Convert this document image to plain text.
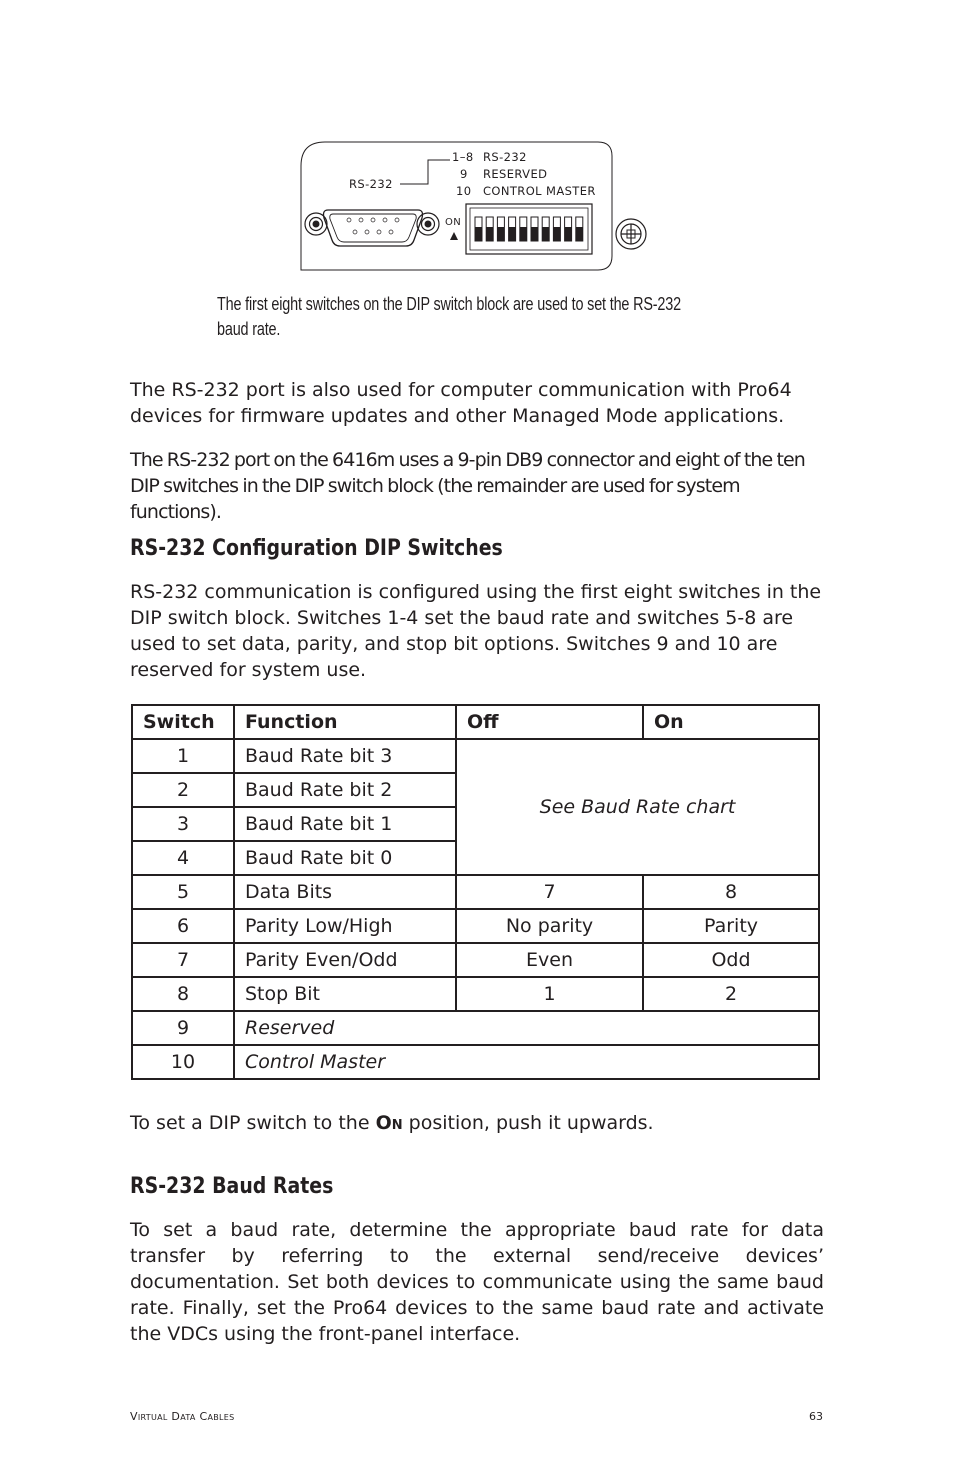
RS-232
1–8 RS-232
9 RESERVED
10 CONTROL MASTER
ON
The first eight switches on the DIP switch block are used to set the RS-232 baud rate.
The RS-232 port is also used for computer communication with Pro64 devices for firmware updates and other Managed Mode applications.
The RS-232 port on the 6416m uses a 9-pin DB9 connector and eight of the ten DIP switches in the DIP switch block (the remainder are used for system functions).
RS-232 Configuration DIP Switches
RS-232 communication is configured using the first eight switches in the DIP switch block. Switches 1-4 set the baud rate and switches 5-8 are used to set data, parity, and stop bit options. Switches 9 and 10 are reserved for system use.
Switch	Function	Off	On
1	Baud Rate bit 3	See Baud Rate chart	
2	Baud Rate bit 2		
3	Baud Rate bit 1		
4	Baud Rate bit 0		
5	Data Bits	7	8
6	Parity Low/High	No parity	Parity
7	Parity Even/Odd	Even	Odd
8	Stop Bit	1	2
9	Reserved		
10	Control Master		
To set a DIP switch to the On position, push it upwards.
RS-232 Baud Rates
To set a baud rate, determine the appropriate baud rate for data transfer by referring to the external send/receive devices’ documentation. Set both devices to communicate using the same baud rate. Finally, set the Pro64 devices to the same baud rate and activate the VDCs using the front-panel interface.
Virtual Data Cables	63
